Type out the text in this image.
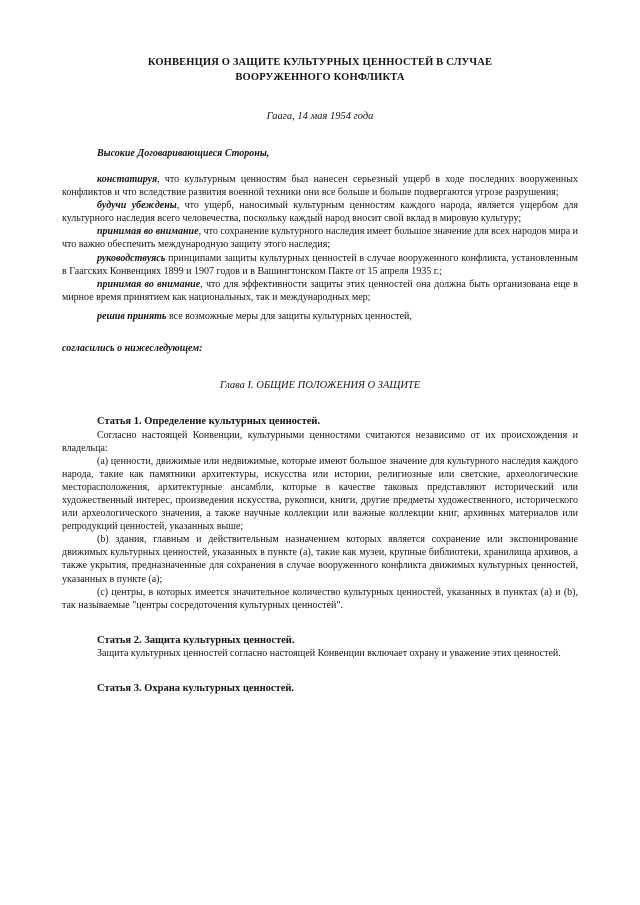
КОНВЕНЦИЯ О ЗАЩИТЕ КУЛЬТУРНЫХ ЦЕННОСТЕЙ В СЛУЧАЕ
ВООРУЖЕННОГО КОНФЛИКТА
Гаага, 14 мая 1954 года
Высокие Договаривающиеся Стороны,

констатируя, что культурным ценностям был нанесен серьезный ущерб в ходе последних вооруженных конфликтов и что вследствие развития военной техники они все больше и больше подвергаются угрозе разрушения;

будучи убеждены, что ущерб, наносимый культурным ценностям каждого народа, является ущербом для культурного наследия всего человечества, поскольку каждый народ вносит свой вклад в мировую культуру;

принимая во внимание, что сохранение культурного наследия имеет большое значение для всех народов мира и что важно обеспечить международную защиту этого наследия;

руководствуясь принципами защиты культурных ценностей в случае вооруженного конфликта, установленным в Гаагских Конвенциях 1899 и 1907 годов и в Вашингтонском Пакте от 15 апреля 1935 г.;

принимая во внимание, что для эффективности защиты этих ценностей она должна быть организована еще в мирное время принятием как национальных, так и международных мер;

решив принять все возможные меры для защиты культурных ценностей,

согласились о нижеследующем:
Глава I. ОБЩИЕ ПОЛОЖЕНИЯ О ЗАЩИТЕ
Статья 1. Определение культурных ценностей.

Согласно настоящей Конвенции, культурными ценностями считаются независимо от их происхождения и владельца:

(а) ценности, движимые или недвижимые, которые имеют большое значение для культурного наследия каждого народа, такие как памятники архитектуры, искусства или истории, религиозные или светские, археологические месторасположения, архитектурные ансамбли, которые в качестве таковых представляют исторический или художественный интерес, произведения искусства, рукописи, книги, другие предметы художественного, исторического или археологического значения, а также научные коллекции или важные коллекции книг, архивных материалов или репродукций ценностей, указанных выше;

(b) здания, главным и действительным назначением которых является сохранение или экспонирование движимых культурных ценностей, указанных в пункте (а), такие как музеи, крупные библиотеки, хранилища архивов, а также укрытия, предназначенные для сохранения в случае вооруженного конфликта движимых культурных ценностей, указанных в пункте (а);

(с) центры, в которых имеется значительное количество культурных ценностей, указанных в пунктах (а) и (b), так называемые "центры сосредоточения культурных ценностей".

Статья 2. Защита культурных ценностей.

Защита культурных ценностей согласно настоящей Конвенции включает охрану и уважение этих ценностей.

Статья 3. Охрана культурных ценностей.
